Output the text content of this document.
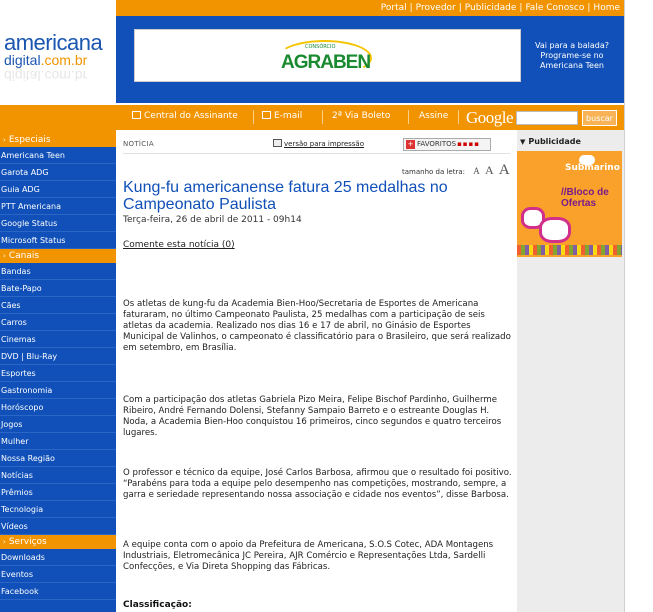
americana
digital.com.br
digital.com.br
Portal | Provedor | Publicidade | Fale Conosco | Home
CONSÓRCIO
AGRABEN
Vai para a balada? Programe-se no Americana Teen
Central do Assinante	E-mail	2ª Via Boleto	Assine Google	buscar
› Especiais
Americana Teen
Garota ADG
Guia ADG
PTT Americana
Google Status
Microsoft Status
› Canais
Bandas
Bate-Papo
Cães
Carros
Cinemas
DVD | Blu-Ray
Esportes
Gastronomia
Horóscopo
Jogos
Mulher
Nossa Região
Notícias
Prêmios
Tecnologia
Vídeos
› Serviços
Downloads
Eventos
Facebook
NOTÍCIA	versão para impressão	+ FAVORITOS▪▪▪▪
tamanho da letra: A A A
Kung-fu americanense fatura 25 medalhas no Campeonato Paulista
Terça-feira, 26 de abril de 2011 - 09h14
Comente esta notícia (0)
Os atletas de kung-fu da Academia Bien-Hoo/Secretaria de Esportes de Americana faturaram, no último Campeonato Paulista, 25 medalhas com a participação de seis atletas da academia. Realizado nos dias 16 e 17 de abril, no Ginásio de Esportes Municipal de Valinhos, o campeonato é classificatório para o Brasileiro, que será realizado em setembro, em Brasília.
Com a participação dos atletas Gabriela Pizo Meira, Felipe Bischof Pardinho, Guilherme Ribeiro, André Fernando Dolensi, Stefanny Sampaio Barreto e o estreante Douglas H. Noda, a Academia Bien-Hoo conquistou 16 primeiros, cinco segundos e quatro terceiros lugares.
O professor e técnico da equipe, José Carlos Barbosa, afirmou que o resultado foi positivo. “Parabéns para toda a equipe pelo desempenho nas competições, mostrando, sempre, a garra e seriedade representando nossa associação e cidade nos eventos”, disse Barbosa.
A equipe conta com o apoio da Prefeitura de Americana, S.O.S Cotec, ADA Montagens Industriais, Eletromecânica JC Pereira, AJR Comércio e Representações Ltda, Sardelli Confecções, e Via Direta Shopping das Fábricas.
Classificação:
▼ Publicidade
Submarino
//Bloco de Ofertas
